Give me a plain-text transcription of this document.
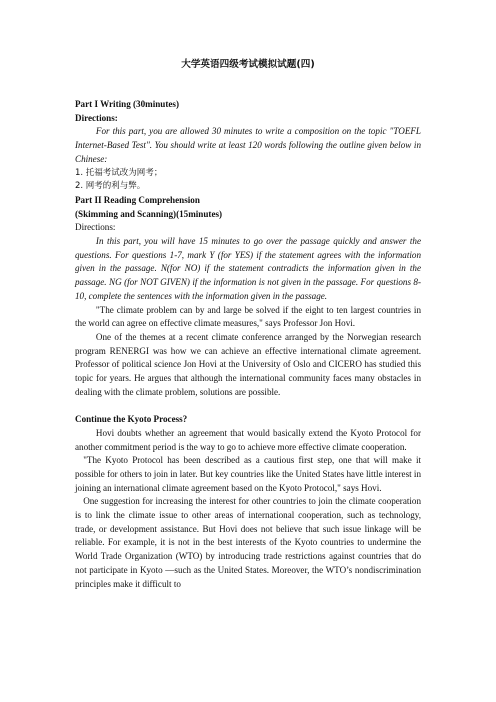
大学英语四级考试模拟试题(四)

Part I Writing (30minutes)

Directions:

For this part, you are allowed 30 minutes to write a composition on the topic "TOEFL Internet-Based Test". You should write at least 120 words following the outline given below in Chinese:

1. 托福考试改为网考；

2. 网考的利与弊。

Part II Reading Comprehension

(Skimming and Scanning)(15minutes)

Directions:

In this part, you will have 15 minutes to go over the passage quickly and answer the questions. For questions 1-7, mark Y (for YES) if the statement agrees with the information given in the passage. N(for NO) if the statement contradicts the information given in the passage. NG (for NOT GIVEN) if the information is not given in the passage. For questions 8-10, complete the sentences with the information given in the passage.

"The climate problem can by and large be solved if the eight to ten largest countries in the world can agree on effective climate measures," says Professor Jon Hovi.

One of the themes at a recent climate conference arranged by the Norwegian research program RENERGI was how we can achieve an effective international climate agreement. Professor of political science Jon Hovi at the University of Oslo and CICERO has studied this topic for years. He argues that although the international community faces many obstacles in dealing with the climate problem, solutions are possible.

Continue the Kyoto Process?

Hovi doubts whether an agreement that would basically extend the Kyoto Protocol for another commitment period is the way to go to achieve more effective climate cooperation.

"The Kyoto Protocol has been described as a cautious first step, one that will make it possible for others to join in later. But key countries like the United States have little interest in joining an international climate agreement based on the Kyoto Protocol," says Hovi.

One suggestion for increasing the interest for other countries to join the climate cooperation is to link the climate issue to other areas of international cooperation, such as technology, trade, or development assistance. But Hovi does not believe that such issue linkage will be reliable. For example, it is not in the best interests of the Kyoto countries to undermine the World Trade Organization (WTO) by introducing trade restrictions against countries that do not participate in Kyoto —such as the United States. Moreover, the WTO’s nondiscrimination principles make it difficult to
